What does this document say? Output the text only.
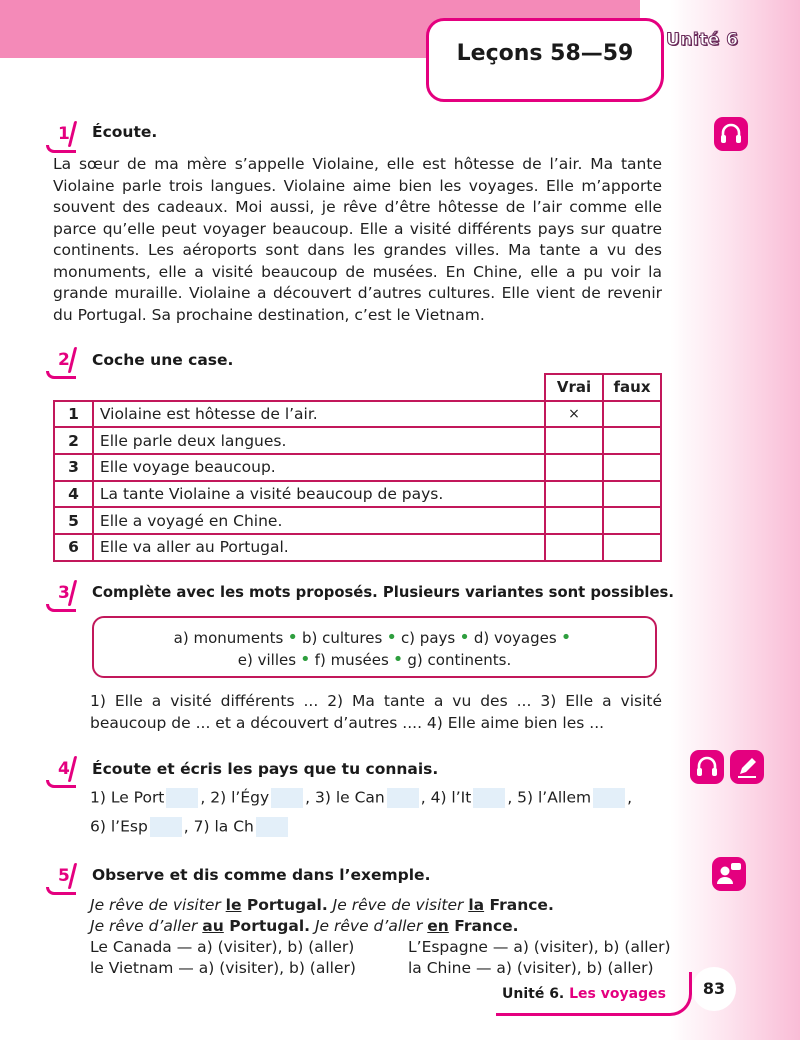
Leçons 58—59
Unité 6
1 Écoute.
La sœur de ma mère s’appelle Violaine, elle est hôtesse de l’air. Ma tante
Violaine parle trois langues. Violaine aime bien les voyages. Elle m’apporte
souvent des cadeaux. Moi aussi, je rêve d’être hôtesse de l’air comme elle
parce qu’elle peut voyager beaucoup. Elle a visité différents pays sur quatre
continents. Les aéroports sont dans les grandes villes. Ma tante a vu des
monuments, elle a visité beaucoup de musées. En Chine, elle a pu voir la
grande muraille. Violaine a découvert d’autres cultures. Elle vient de revenir
du Portugal. Sa prochaine destination, c’est le Vietnam.
2 Coche une case.
		Vrai	faux
1	Violaine est hôtesse de l’air.	×	
2	Elle parle deux langues.		
3	Elle voyage beaucoup.		
4	La tante Violaine a visité beaucoup de pays.		
5	Elle a voyagé en Chine.		
6	Elle va aller au Portugal.		
3 Complète avec les mots proposés. Plusieurs variantes sont possibles.
a) monuments • b) cultures • c) pays • d) voyages •
e) villes • f) musées • g) continents.
1) Elle a visité différents ... 2) Ma tante a vu des ... 3) Elle a visité
beaucoup de ... et a découvert d’autres .... 4) Elle aime bien les ...
4 Écoute et écris les pays que tu connais.
1) Le Port , 2) l’Égy , 3) le Can , 4) l’It , 5) l’Allem ,
6) l’Esp , 7) la Ch
5 Observe et dis comme dans l’exemple.
Je rêve de visiter le Portugal. Je rêve de visiter la France.
Je rêve d’aller au Portugal. Je rêve d’aller en France.
Le Canada — a) (visiter), b) (aller)	L’Espagne — a) (visiter), b) (aller)
le Vietnam — a) (visiter), b) (aller)	la Chine — a) (visiter), b) (aller)
Unité 6. Les voyages	83
